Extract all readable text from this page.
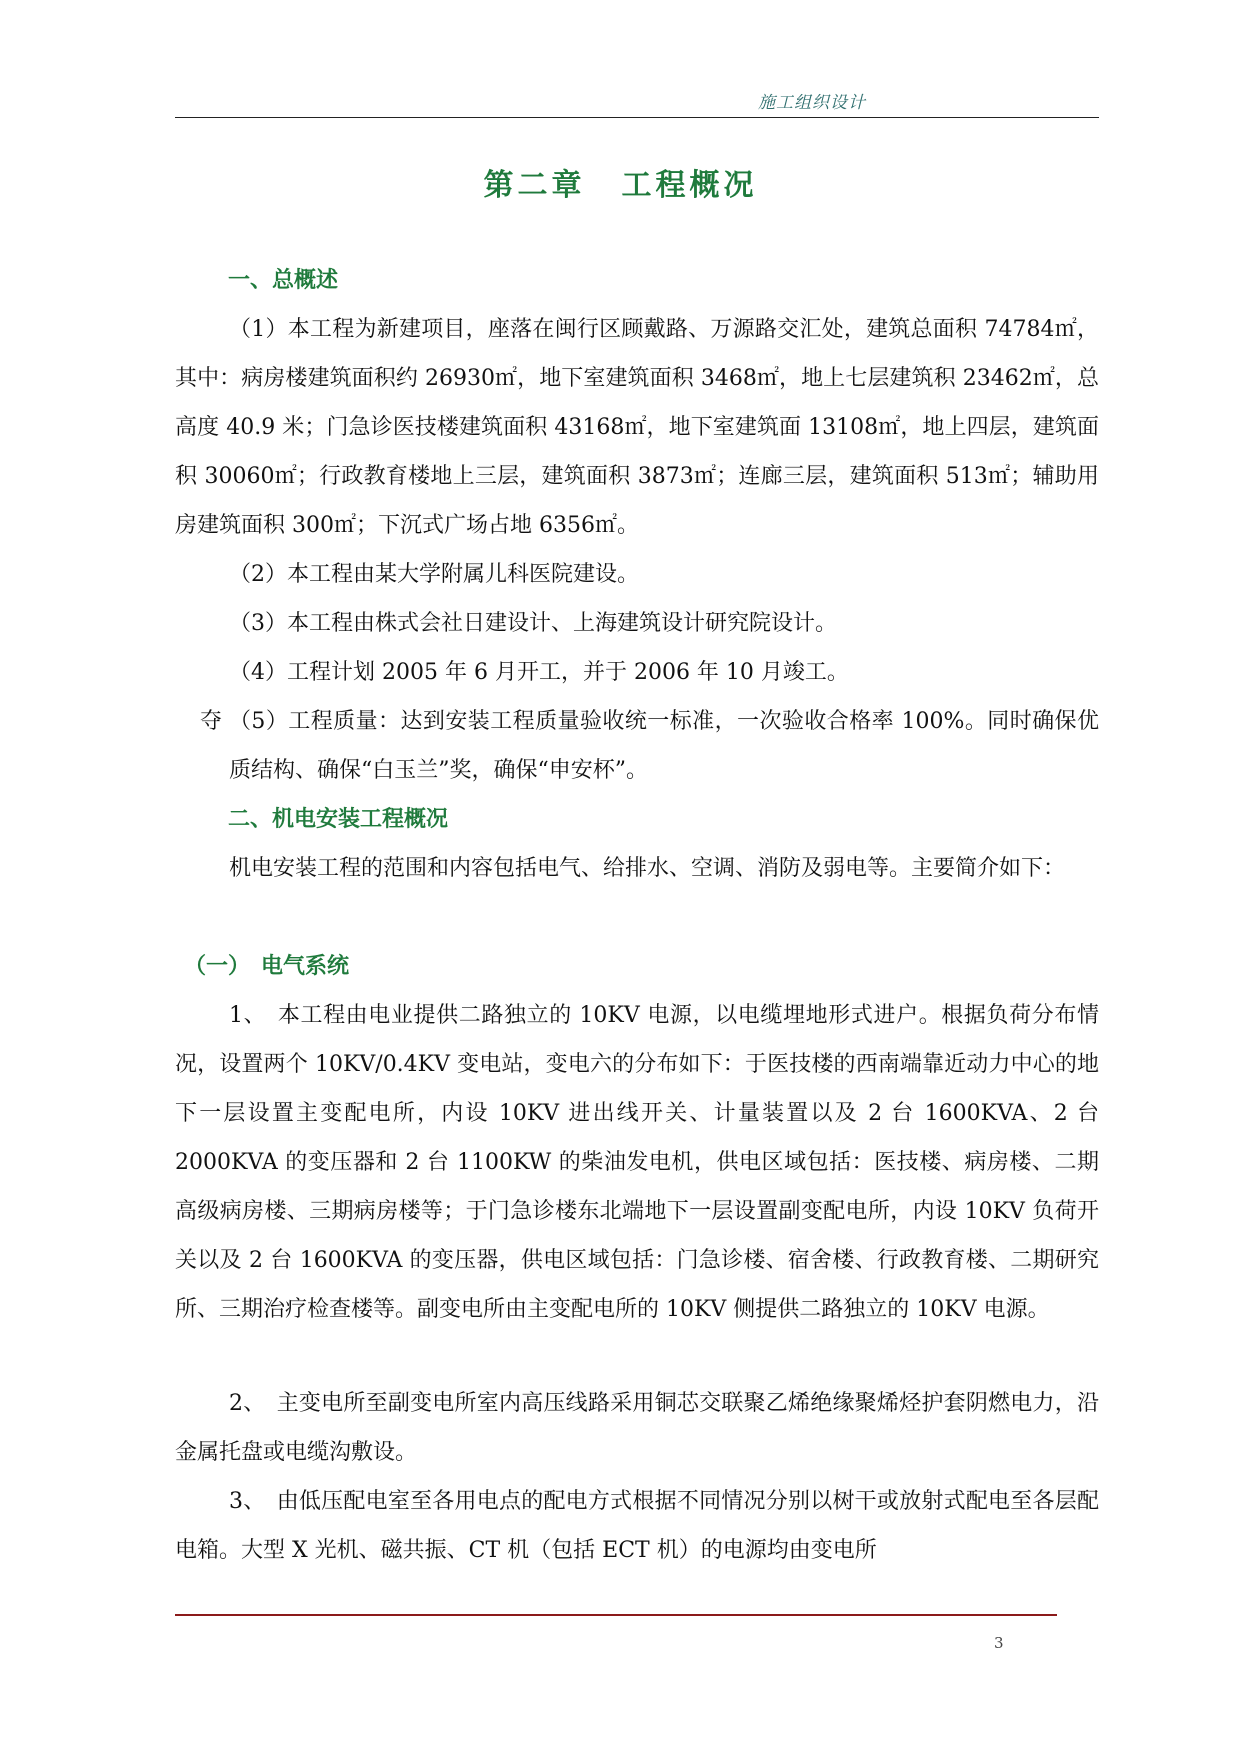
施工组织设计
第二章 工程概况
一、总概述
（1）本工程为新建项目，座落在闽行区顾戴路、万源路交汇处，建筑总面积 74784㎡，其中：病房楼建筑面积约 26930㎡，地下室建筑面积 3468㎡，地上七层建筑积 23462㎡，总高度 40.9 米；门急诊医技楼建筑面积 43168㎡，地下室建筑面 13108㎡，地上四层，建筑面积 30060㎡；行政教育楼地上三层，建筑面积 3873㎡；连廊三层，建筑面积 513㎡；辅助用房建筑面积 300㎡；下沉式广场占地 6356㎡。
（2）本工程由某大学附属儿科医院建设。
（3）本工程由株式会社日建设计、上海建筑设计研究院设计。
（4）工程计划 2005 年 6 月开工，并于 2006 年 10 月竣工。
夺 （5）工程质量：达到安装工程质量验收统一标准，一次验收合格率 100%。同时确保优质结构、确保“白玉兰”奖，确保“申安杯”。
二、机电安装工程概况
机电安装工程的范围和内容包括电气、给排水、空调、消防及弱电等。主要简介如下：
（一）　电气系统
1、　本工程由电业提供二路独立的 10KV 电源，以电缆埋地形式进户。根据负荷分布情况，设置两个 10KV/0.4KV 变电站，变电六的分布如下：于医技楼的西南端靠近动力中心的地下一层设置主变配电所，内设 10KV 进出线开关、计量装置以及 2 台 1600KVA、2 台 2000KVA 的变压器和 2 台 1100KW 的柴油发电机，供电区域包括：医技楼、病房楼、二期高级病房楼、三期病房楼等；于门急诊楼东北端地下一层设置副变配电所，内设 10KV 负荷开关以及 2 台 1600KVA 的变压器，供电区域包括：门急诊楼、宿舍楼、行政教育楼、二期研究所、三期治疗检查楼等。副变电所由主变配电所的 10KV 侧提供二路独立的 10KV 电源。
2、　主变电所至副变电所室内高压线路采用铜芯交联聚乙烯绝缘聚烯烃护套阴燃电力，沿金属托盘或电缆沟敷设。
3、　由低压配电室至各用电点的配电方式根据不同情况分别以树干或放射式配电至各层配电箱。大型 X 光机、磁共振、CT 机（包括 ECT 机）的电源均由变电所
3
